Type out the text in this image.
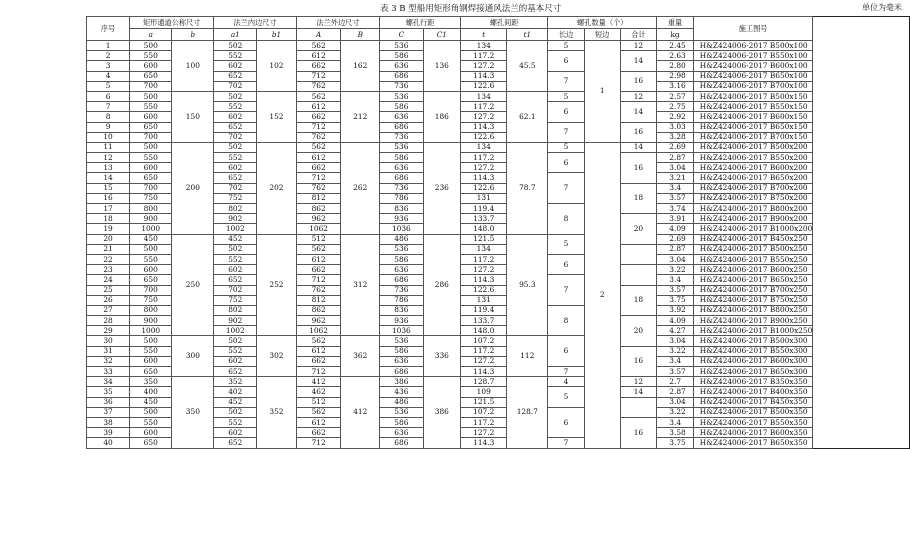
表 3 B 型船用矩形角钢焊接通风法兰的基本尺寸	单位为毫米
序号	矩形通道公称尺寸		法兰内边尺寸		法兰外边尺寸		螺孔行距		螺孔间距		螺孔数量（个）			重量	施工图号
	a	b	a1	b1	A	B	C	C1	t	t1	长边	短边	合计	kg	
1	500	100	502	102	562	162	536	136	134	45.5	5	1	12	2.45	H&Z424006-2017 B500x100
2	550		552		612		586		117.2		6		14	2.63	H&Z424006-2017 B550x100
3	600		602		662		636		127.2					2.80	H&Z424006-2017 B600x100
4	650		652		712		686		114.3		7		16	2.98	H&Z424006-2017 B650x100
5	700		702		762		736		122.6					3.16	H&Z424006-2017 B700x100
6	500	150	502	152	562	212	536	186	134	62.1	5		12	2.57	H&Z424006-2017 B500x150
7	550		552		612		586		117.2		6		14	2.75	H&Z424006-2017 B550x150
8	600		602		662		636		127.2					2.92	H&Z424006-2017 B600x150
9	650		652		712		686		114.3		7		16	3.03	H&Z424006-2017 B650x150
10	700		702		762		736		122.6					3.28	H&Z424006-2017 B700x150
11	500	200	502	202	562	262	536	236	134	78.7	5	2	14	2.69	H&Z424006-2017 B500x200
12	550		552		612		586		117.2		6		16	2.87	H&Z424006-2017 B550x200
13	600		602		662		636		127.2					3.04	H&Z424006-2017 B600x200
14	650		652		712		686		114.3		7			3.21	H&Z424006-2017 B650x200
15	700		702		762		736		122.6				18	3.4	H&Z424006-2017 B700x200
16	750		752		812		786		131					3.57	H&Z424006-2017 B750x200
17	800		802		862		836		119.4		8			3.74	H&Z424006-2017 B800x200
18	900		902		962		936		133.7				20	3.91	H&Z424006-2017 B900x200
19	1000		1002		1062		1036		148.0					4.09	H&Z424006-2017 B1000x200
20	450	250	452	252	512	312	486	286	121.5	95.3	5			2.69	H&Z424006-2017 B450x250
21	500		502		562		536		134					2.87	H&Z424006-2017 B500x250
22	550		552		612		586		117.2		6			3.04	H&Z424006-2017 B550x250
23	600		602		662		636		127.2					3.22	H&Z424006-2017 B600x250
24	650		652		712		686		114.3		7			3.4	H&Z424006-2017 B650x250
25	700		702		762		736		122.6				18	3.57	H&Z424006-2017 B700x250
26	750		752		812		786		131					3.75	H&Z424006-2017 B750x250
27	800		802		862		836		119.4		8			3.92	H&Z424006-2017 B800x250
28	900		902		962		936		133.7				20	4.09	H&Z424006-2017 B900x250
29	1000		1002		1062		1036		148.0					4.27	H&Z424006-2017 B1000x250
30	500	300	502	302	562	362	536	336	107.2	112	6			3.04	H&Z424006-2017 B500x300
31	550		552		612		586		117.2				16	3.22	H&Z424006-2017 B550x300
32	600		602		662		636		127.2					3.4	H&Z424006-2017 B600x300
33	650		652		712		686		114.3		7			3.57	H&Z424006-2017 B650x300
34	350	350	352	352	412	412	386	386	128.7	128.7	4		12	2.7	H&Z424006-2017 B350x350
35	400		402		462		436		109		5		14	2.87	H&Z424006-2017 B400x350
36	450		452		512		486		121.5					3.04	H&Z424006-2017 B450x350
37	500		502		562		536		107.2		6			3.22	H&Z424006-2017 B500x350
38	550		552		612		586		117.2				16	3.4	H&Z424006-2017 B550x350
39	600		602		662		636		127.2					3.58	H&Z424006-2017 B600x350
40	650		652		712		686		114.3		7			3.75	H&Z424006-2017 B650x350
